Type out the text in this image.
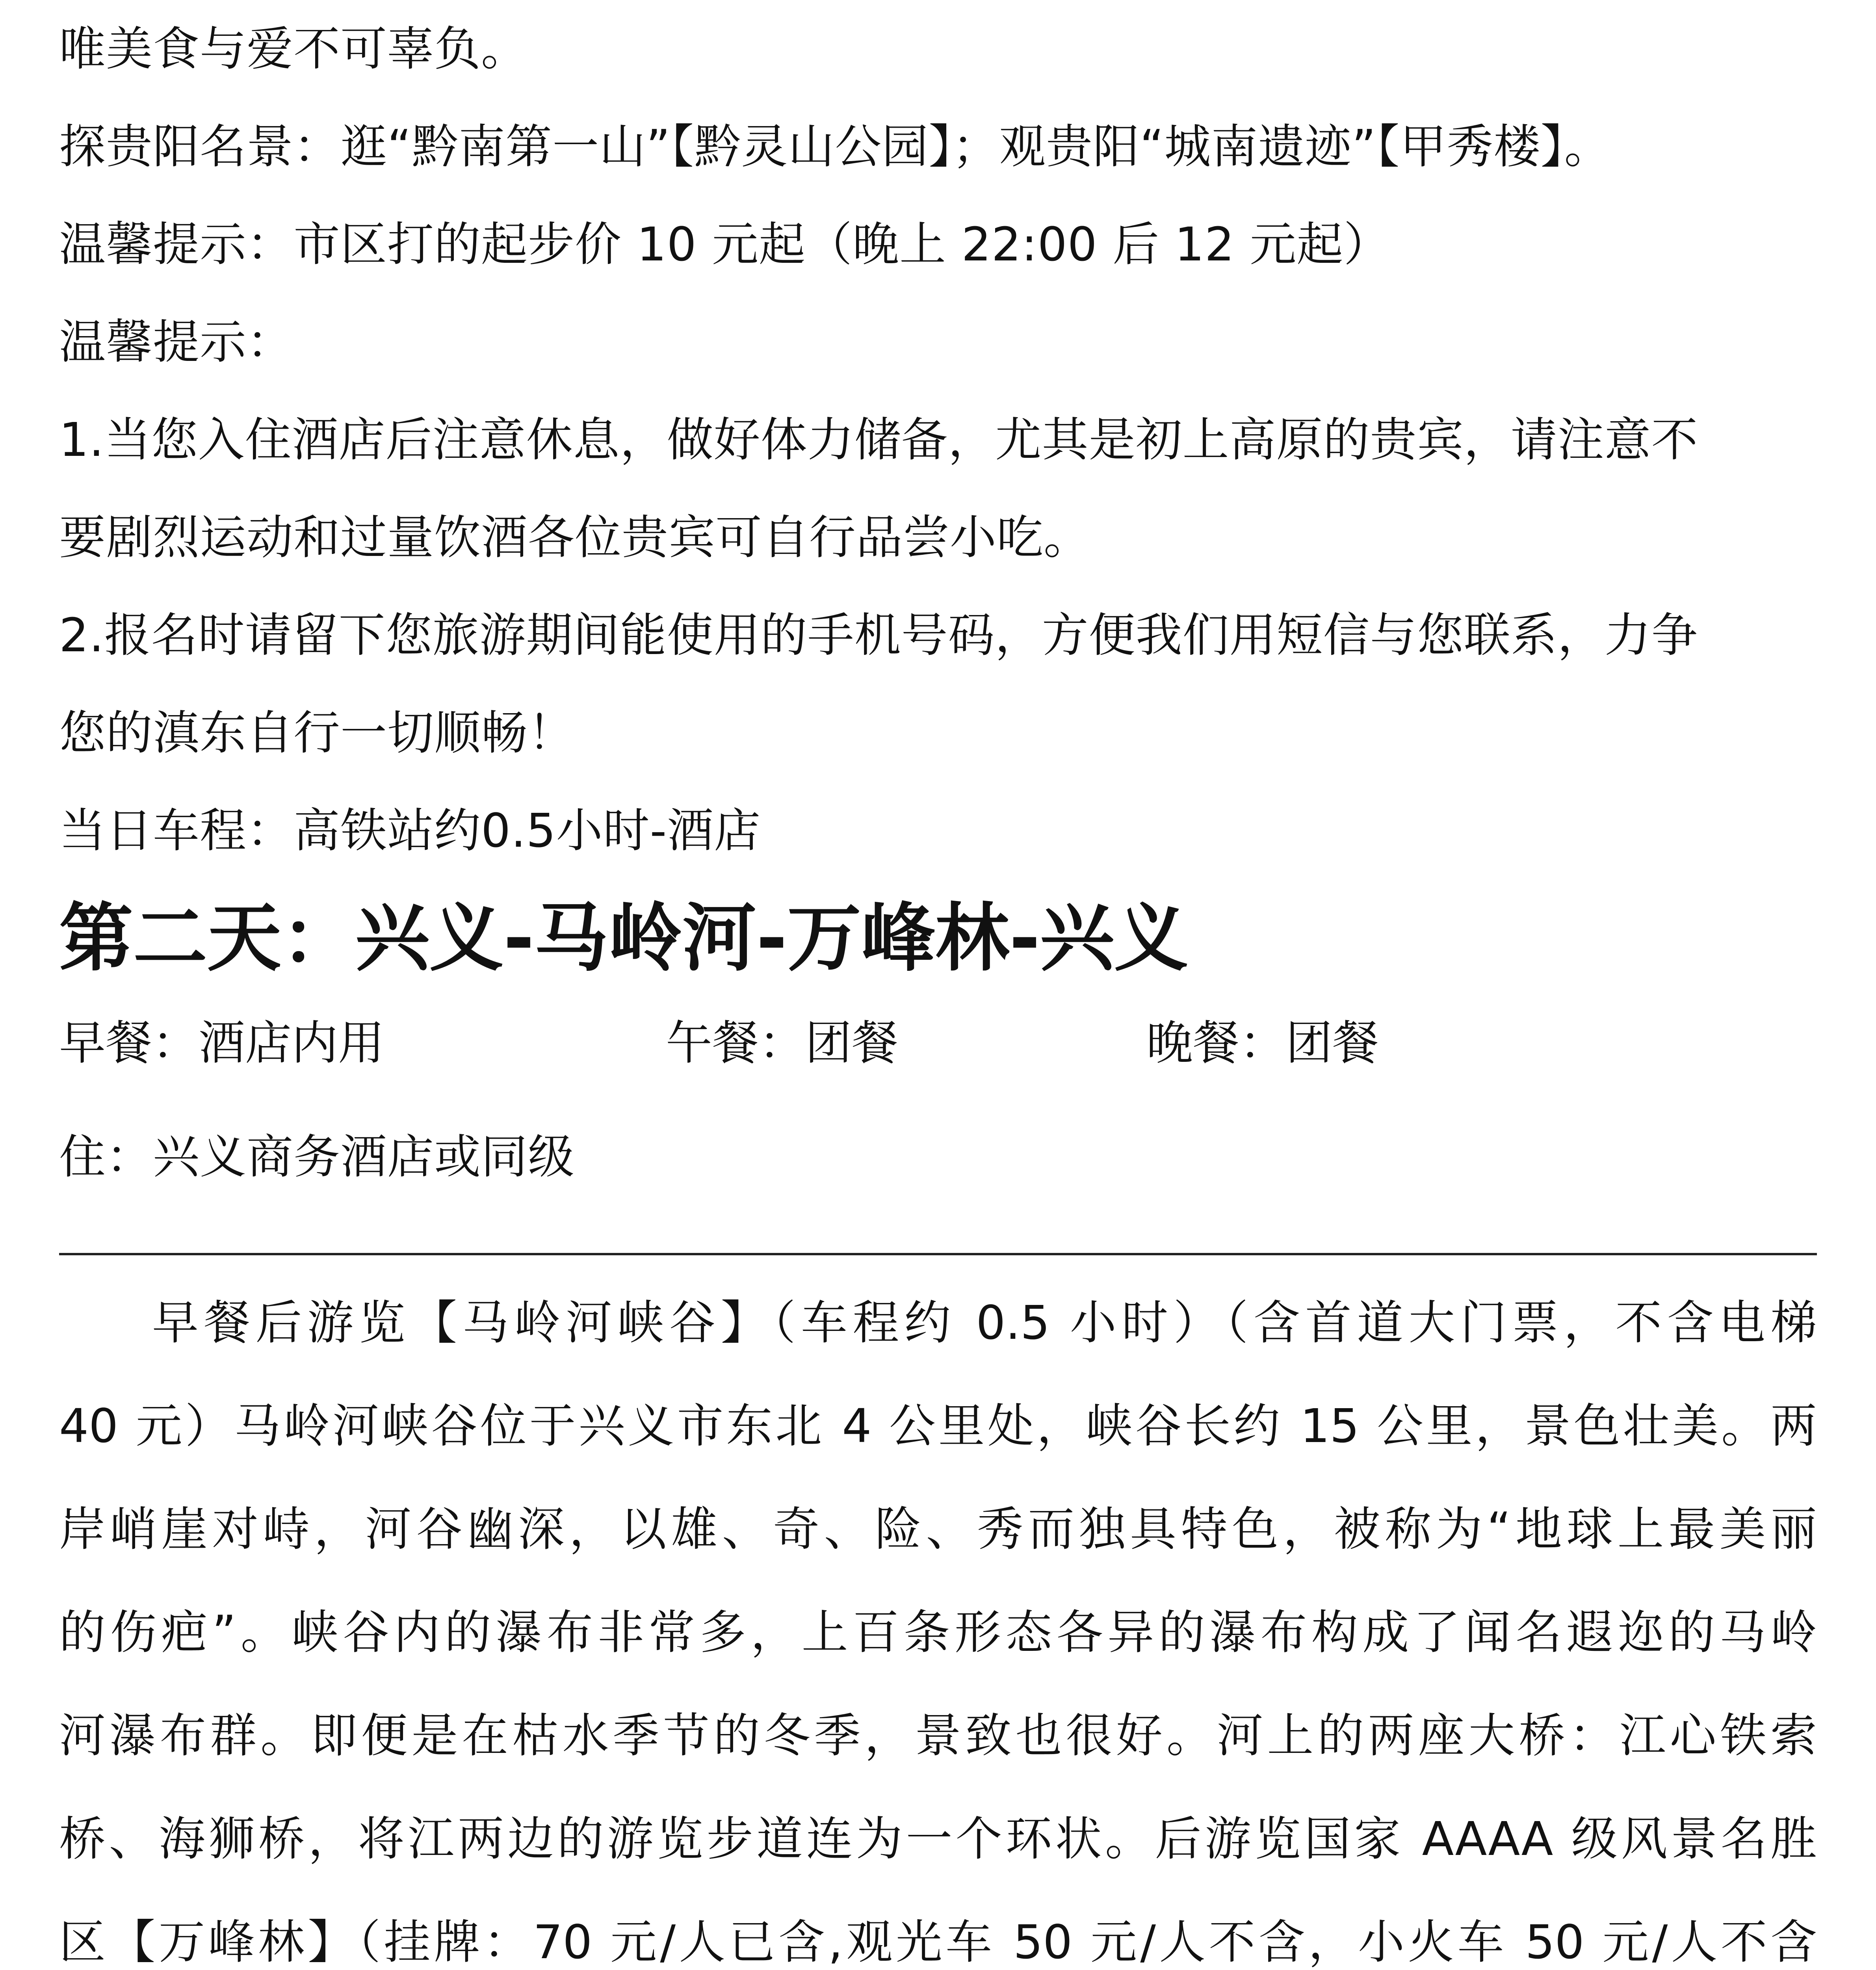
唯美食与爱不可辜负。
探贵阳名景：逛“黔南第一山”【黔灵山公园】；观贵阳“城南遗迹”【甲秀楼】。
温馨提示：市区打的起步价 10 元起（晚上 22:00 后 12 元起）
温馨提示：
1.当您入住酒店后注意休息，做好体力储备，尤其是初上高原的贵宾，请注意不
要剧烈运动和过量饮酒各位贵宾可自行品尝小吃。
2.报名时请留下您旅游期间能使用的手机号码，方便我们用短信与您联系，力争
您的滇东自行一切顺畅！
当日车程：高铁站约0.5小时-酒店
第二天：兴义-马岭河-万峰林-兴义
早餐：酒店内用	午餐：团餐	晚餐：团餐
住：兴义商务酒店或同级
早餐后游览【马岭河峡谷】（车程约 0.5 小时）（含首道大门票，不含电梯
40 元）马岭河峡谷位于兴义市东北 4 公里处，峡谷长约 15 公里，景色壮美。两
岸峭崖对峙，河谷幽深，以雄、奇、险、秀而独具特色，被称为“地球上最美丽
的伤疤”。峡谷内的瀑布非常多，上百条形态各异的瀑布构成了闻名遐迩的马岭
河瀑布群。即便是在枯水季节的冬季，景致也很好。河上的两座大桥：江心铁索
桥、海狮桥，将江两边的游览步道连为一个环状。后游览国家 AAAA 级风景名胜
区【万峰林】（挂牌：70 元/人已含,观光车 50 元/人不含，小火车 50 元/人不含
